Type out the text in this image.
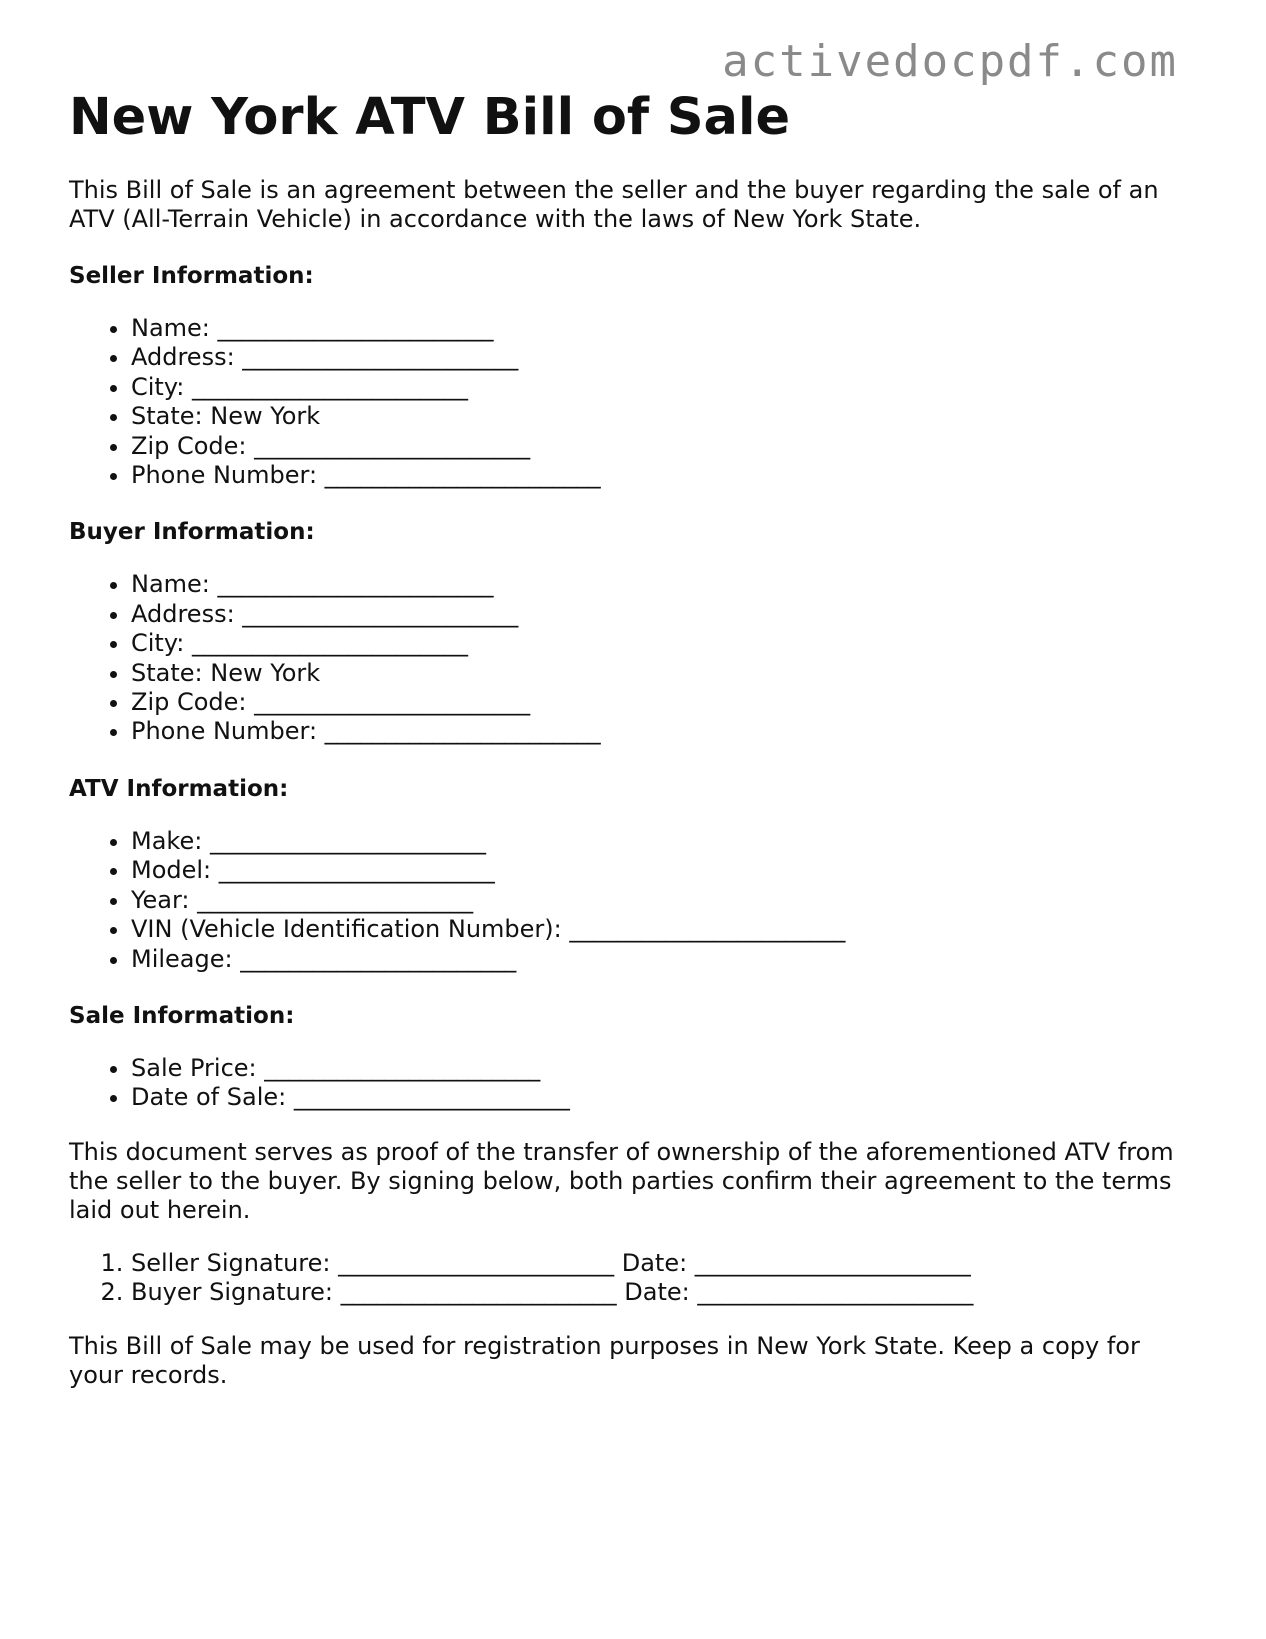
activedocpdf.com
New York ATV Bill of Sale

This Bill of Sale is an agreement between the seller and the buyer regarding the sale of an ATV (All-Terrain Vehicle) in accordance with the laws of New York State.

Seller Information:
• Name: _______________________
• Address: _______________________
• City: _______________________
• State: New York
• Zip Code: _______________________
• Phone Number: _______________________
Buyer Information:
• Name: _______________________
• Address: _______________________
• City: _______________________
• State: New York
• Zip Code: _______________________
• Phone Number: _______________________
ATV Information:
• Make: _______________________
• Model: _______________________
• Year: _______________________
• VIN (Vehicle Identification Number): _______________________
• Mileage: _______________________
Sale Information:
• Sale Price: _______________________
• Date of Sale: _______________________

This document serves as proof of the transfer of ownership of the aforementioned ATV from the seller to the buyer. By signing below, both parties confirm their agreement to the terms laid out herein.

1. Seller Signature: _______________________ Date: _______________________
2. Buyer Signature: _______________________ Date: _______________________

This Bill of Sale may be used for registration purposes in New York State. Keep a copy for your records.
